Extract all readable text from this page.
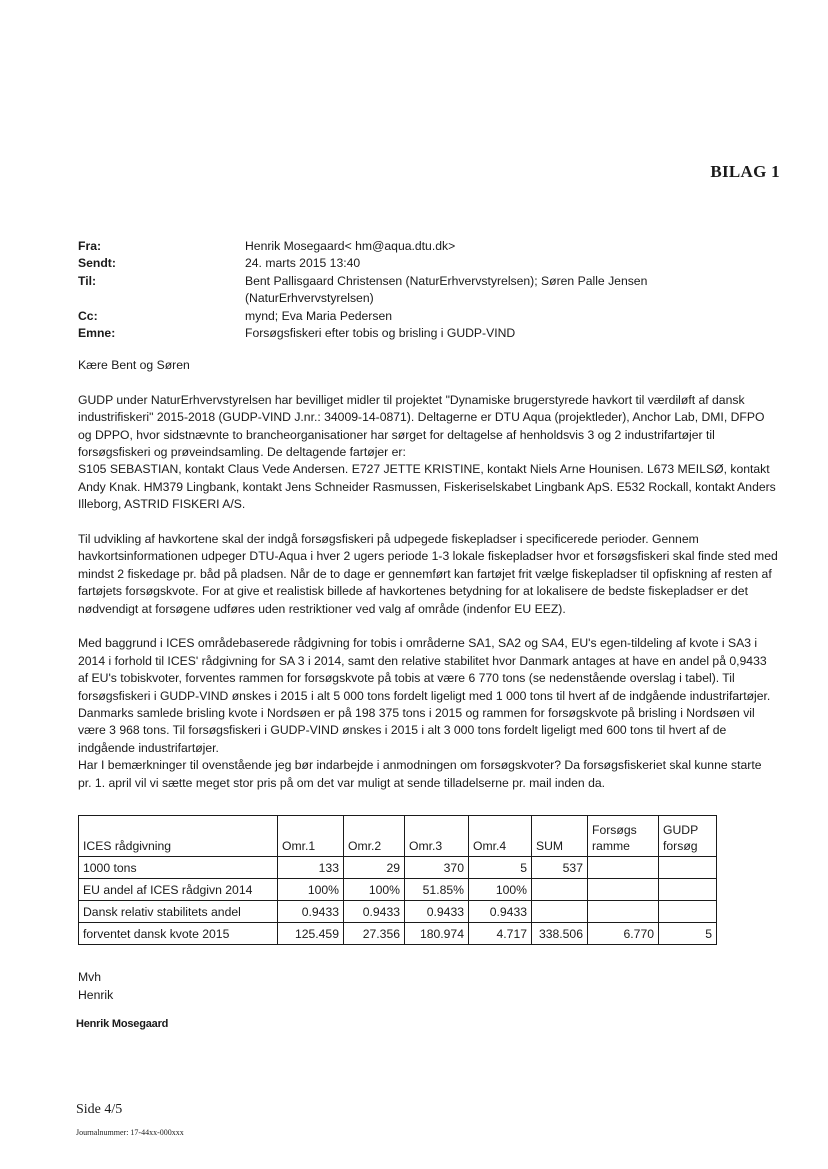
BILAG 1
Fra:	Henrik Mosegaard< hm@aqua.dtu.dk>
Sendt:	24. marts 2015 13:40
Til:	Bent Pallisgaard Christensen (NaturErhvervstyrelsen); Søren Palle Jensen (NaturErhvervstyrelsen)
Cc:	mynd; Eva Maria Pedersen
Emne:	Forsøgsfiskeri efter tobis og brisling i GUDP-VIND

Kære Bent og Søren

GUDP under NaturErhvervstyrelsen har bevilliget midler til projektet "Dynamiske brugerstyrede havkort til værdiløft af dansk industrifiskeri" 2015-2018 (GUDP-VIND J.nr.: 34009-14-0871). Deltagerne er DTU Aqua (projektleder), Anchor Lab, DMI, DFPO og DPPO, hvor sidstnævnte to brancheorganisationer har sørget for deltagelse af henholdsvis 3 og 2 industrifartøjer til forsøgsfiskeri og prøveindsamling. De deltagende fartøjer er:

S105 SEBASTIAN, kontakt Claus Vede Andersen. E727 JETTE KRISTINE, kontakt Niels Arne Hounisen. L673 MEILSØ, kontakt Andy Knak. HM379 Lingbank, kontakt Jens Schneider Rasmussen, Fiskeriselskabet Lingbank ApS. E532 Rockall, kontakt Anders Illeborg, ASTRID FISKERI A/S.

Til udvikling af havkortene skal der indgå forsøgsfiskeri på udpegede fiskepladser i specificerede perioder. Gennem havkortsinformationen udpeger DTU-Aqua i hver 2 ugers periode 1-3 lokale fiskepladser hvor et forsøgsfiskeri skal finde sted med mindst 2 fiskedage pr. båd på pladsen. Når de to dage er gennemført kan fartøjet frit vælge fiskepladser til opfiskning af resten af fartøjets forsøgskvote. For at give et realistisk billede af havkortenes betydning for at lokalisere de bedste fiskepladser er det nødvendigt at forsøgene udføres uden restriktioner ved valg af område (indenfor EU EEZ).

Med baggrund i ICES områdebaserede rådgivning for tobis i områderne SA1, SA2 og SA4, EU's egen-tildeling af kvote i SA3 i 2014 i forhold til ICES' rådgivning for SA 3 i 2014, samt den relative stabilitet hvor Danmark antages at have en andel på 0,9433 af EU's tobiskvoter, forventes rammen for forsøgskvote på tobis at være 6 770 tons (se nedenstående overslag i tabel). Til forsøgsfiskeri i GUDP-VIND ønskes i 2015 i alt 5 000 tons fordelt ligeligt med 1 000 tons til hvert af de indgående industrifartøjer.

Danmarks samlede brisling kvote i Nordsøen er på 198 375 tons i 2015 og rammen for forsøgskvote på brisling i Nordsøen vil være 3 968 tons. Til forsøgsfiskeri i GUDP-VIND ønskes i 2015 i alt 3 000 tons fordelt ligeligt med 600 tons til hvert af de indgående industrifartøjer.

Har I bemærkninger til ovenstående jeg bør indarbejde i anmodningen om forsøgskvoter? Da forsøgsfiskeriet skal kunne starte pr. 1. april vil vi sætte meget stor pris på om det var muligt at sende tilladelserne pr. mail inden da.

ICES rådgivning	Omr.1	Omr.2	Omr.3	Omr.4	SUM	Forsøgs ramme	GUDP forsøg
1000 tons	133	29	370	5	537		
EU andel af ICES rådgivn 2014	100%	100%	51.85%	100%			
Dansk relativ stabilitets andel	0.9433	0.9433	0.9433	0.9433			
forventet dansk kvote 2015	125.459	27.356	180.974	4.717	338.506	6.770	5
Mvh
Henrik
Henrik Mosegaard
Side 4/5
Journalnummer: 17-44xx-000xxx
